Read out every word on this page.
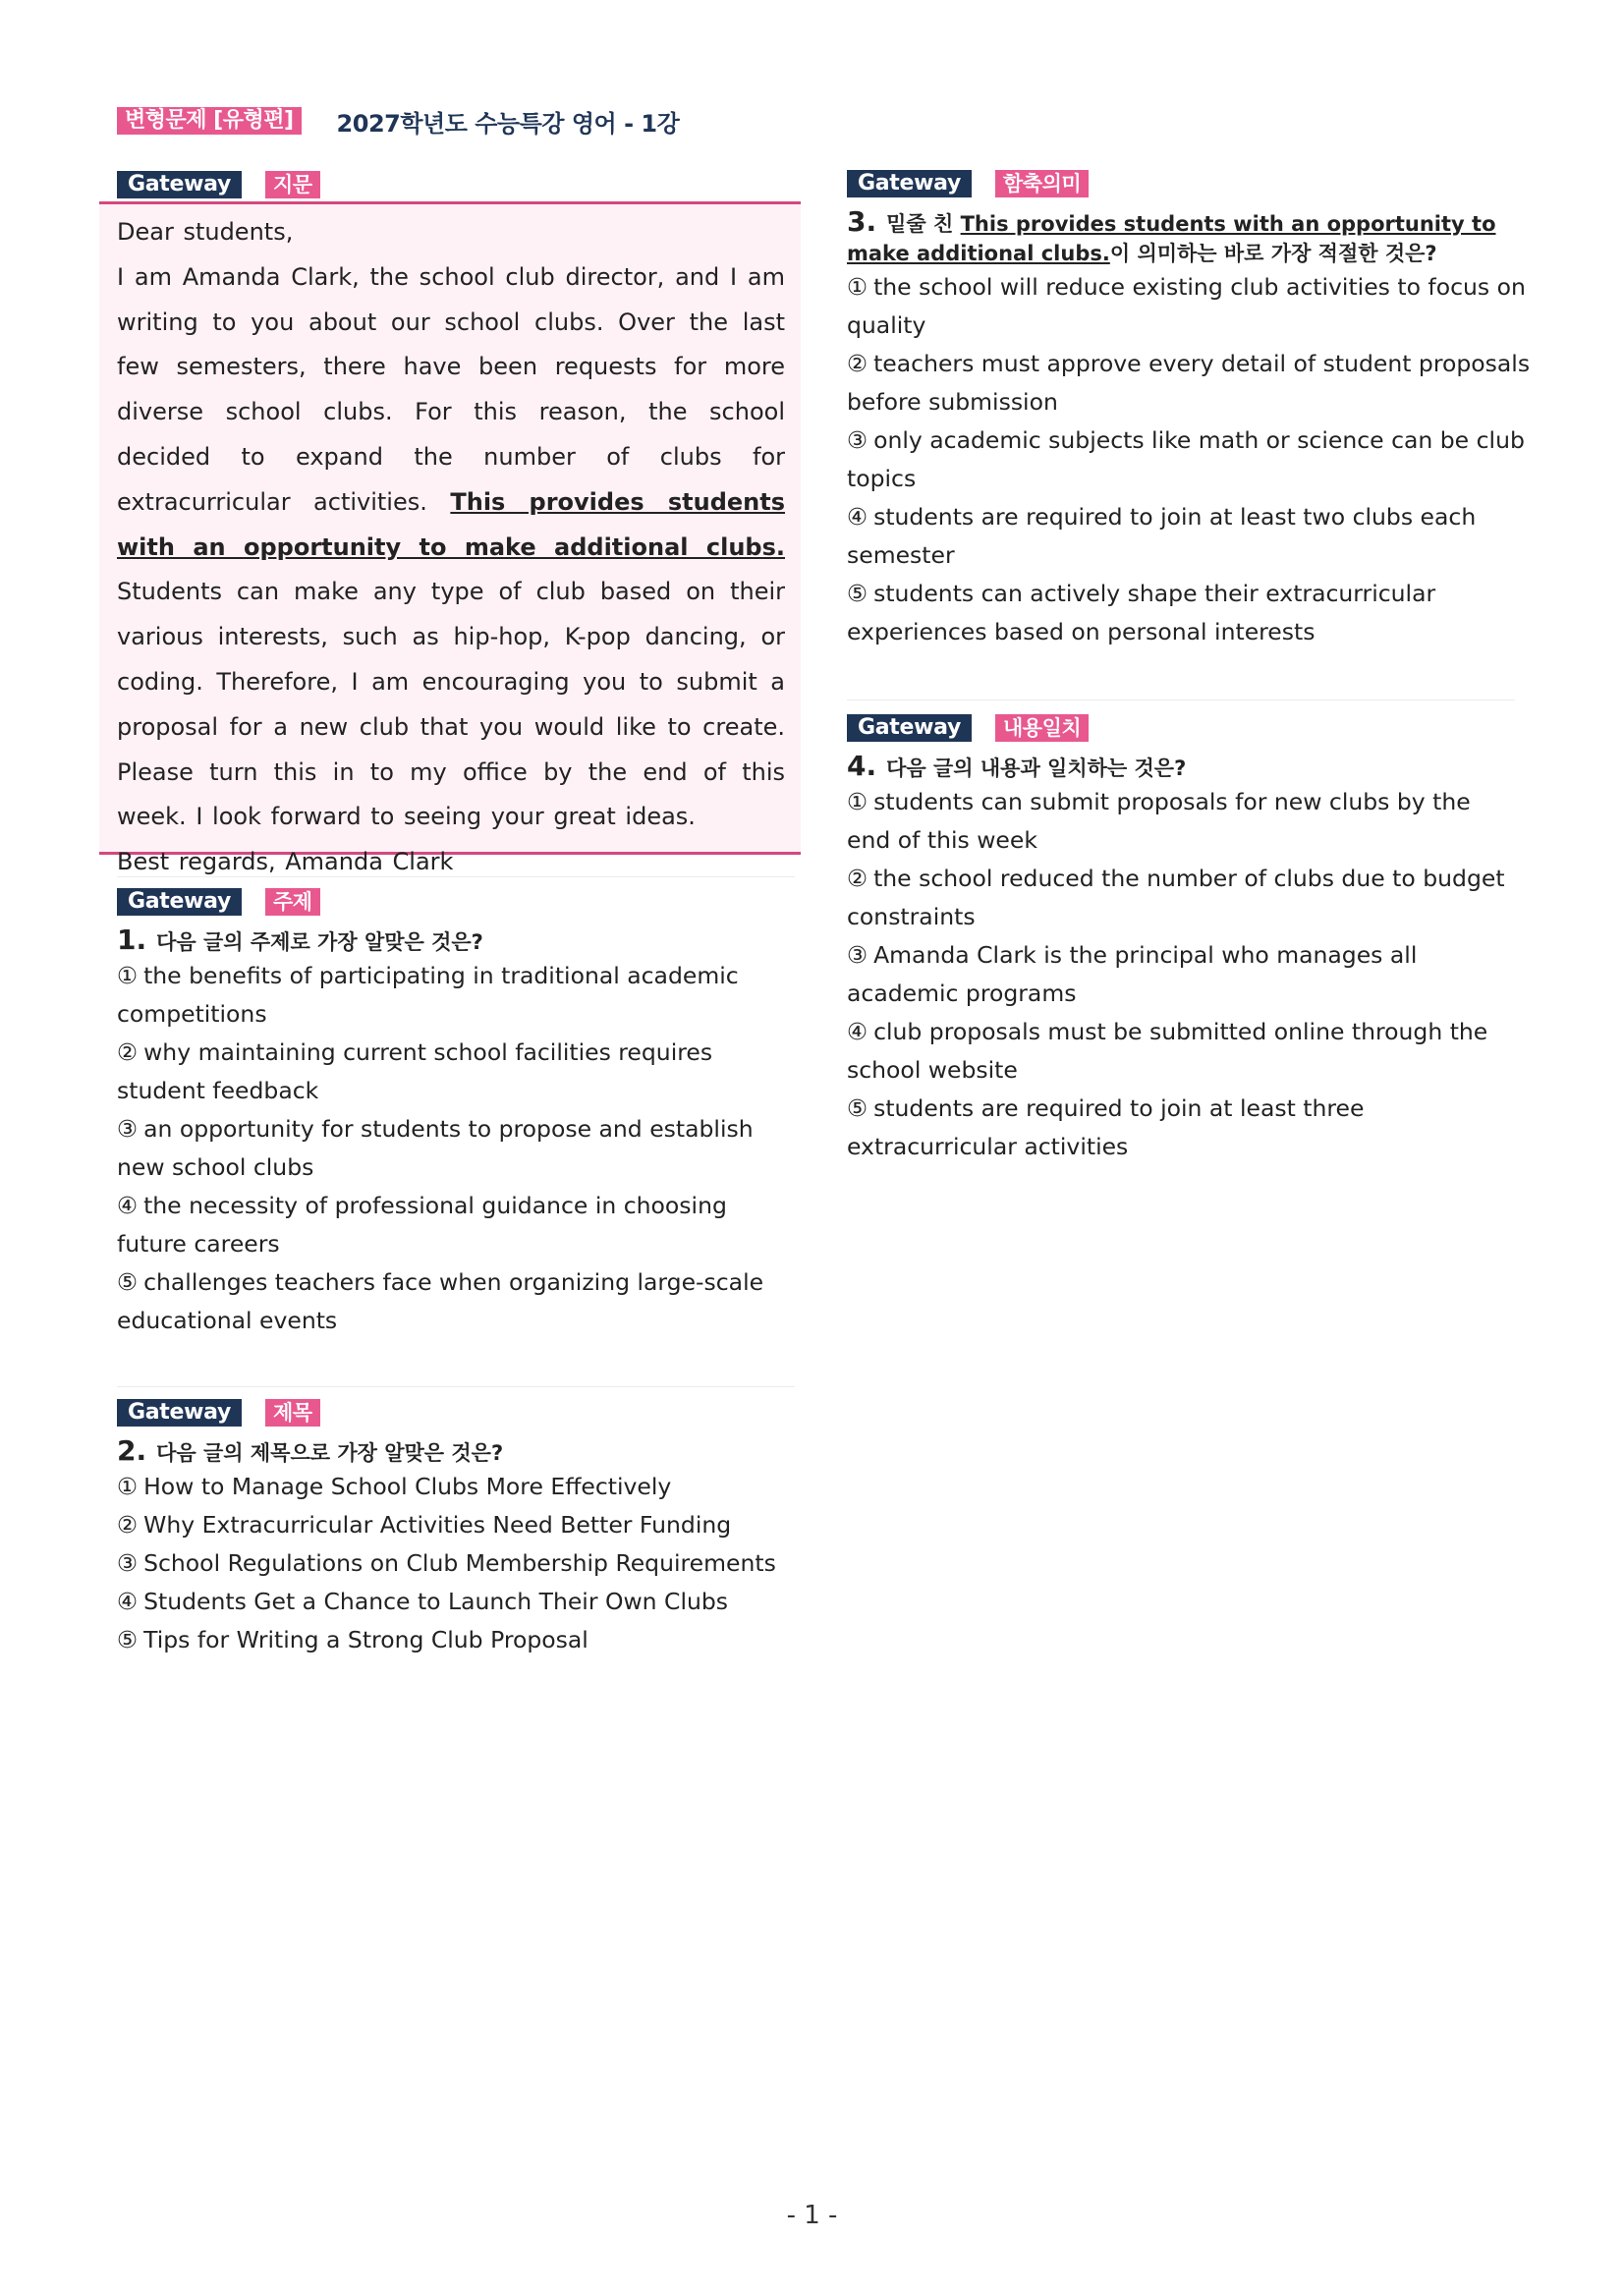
변형문제 [유형편]	2027학년도 수능특강 영어 - 1강
Gateway	지문

Dear students,

I am Amanda Clark, the school club director, and I am writing to you about our school clubs. Over the last few semesters, there have been requests for more diverse school clubs. For this reason, the school decided to expand the number of clubs for extracurricular activities. This provides students with an opportunity to make additional clubs. Students can make any type of club based on their various interests, such as hip-hop, K-pop dancing, or coding. Therefore, I am encouraging you to submit a proposal for a new club that you would like to create. Please turn this in to my office by the end of this week. I look forward to seeing your great ideas.

Best regards, Amanda Clark

Gateway	주제
1. 다음 글의 주제로 가장 알맞은 것은?
① the benefits of participating in traditional academic competitions
② why maintaining current school facilities requires student feedback
③ an opportunity for students to propose and establish new school clubs
④ the necessity of professional guidance in choosing future careers
⑤ challenges teachers face when organizing large-scale educational events
Gateway	제목
2. 다음 글의 제목으로 가장 알맞은 것은?
① How to Manage School Clubs More Effectively
② Why Extracurricular Activities Need Better Funding
③ School Regulations on Club Membership Requirements
④ Students Get a Chance to Launch Their Own Clubs
⑤ Tips for Writing a Strong Club Proposal
Gateway	함축의미
3. 밑줄 친 This provides students with an opportunity to make additional clubs.이 의미하는 바로 가장 적절한 것은?
① the school will reduce existing club activities to focus on quality
② teachers must approve every detail of student proposals before submission
③ only academic subjects like math or science can be club topics
④ students are required to join at least two clubs each semester
⑤ students can actively shape their extracurricular experiences based on personal interests
Gateway	내용일치
4. 다음 글의 내용과 일치하는 것은?
① students can submit proposals for new clubs by the end of this week
② the school reduced the number of clubs due to budget constraints
③ Amanda Clark is the principal who manages all academic programs
④ club proposals must be submitted online through the school website
⑤ students are required to join at least three extracurricular activities
- 1 -
